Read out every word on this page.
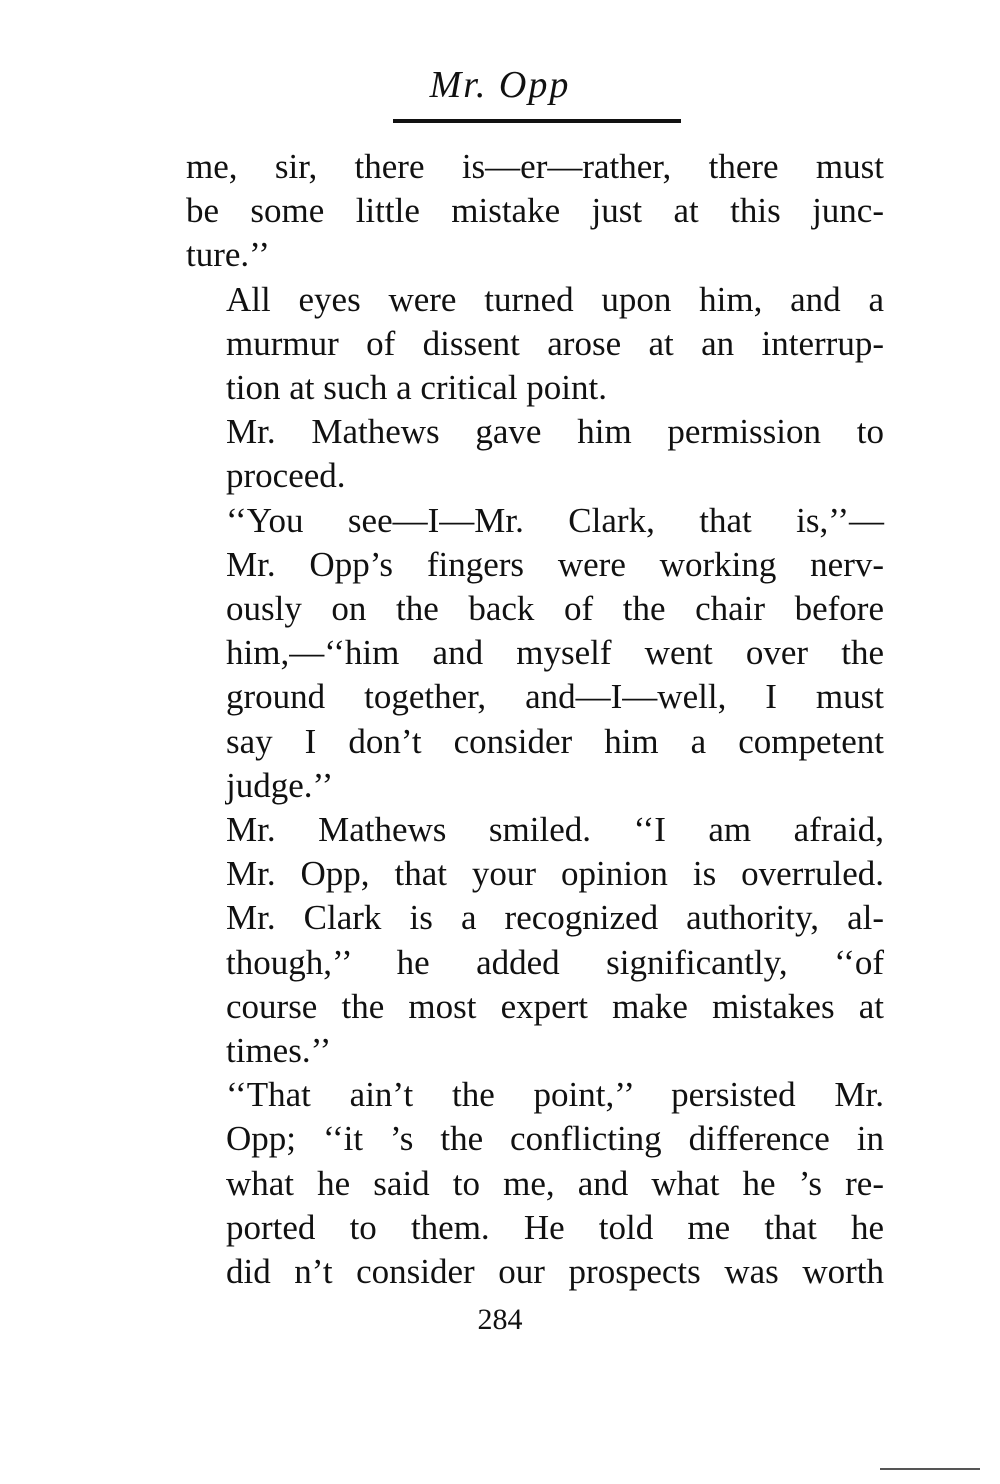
Mr. Opp
me, sir, there is—er—rather, there must
be some little mistake just at this junc-
ture.’’
All eyes were turned upon him, and a
murmur of dissent arose at an interrup-
tion at such a critical point.
Mr. Mathews gave him permission to
proceed.
‘‘You see—I—Mr. Clark, that is,’’—
Mr. Opp’s fingers were working nerv-
ously on the back of the chair before
him,—‘‘him and myself went over the
ground together, and—I—well, I must
say I don’t consider him a competent
judge.’’
Mr. Mathews smiled. ‘‘I am afraid,
Mr. Opp, that your opinion is overruled.
Mr. Clark is a recognized authority, al-
though,’’ he added significantly, ‘‘of
course the most expert make mistakes at
times.’’
‘‘That ain’t the point,’’ persisted Mr.
Opp; ‘‘it ’s the conflicting difference in
what he said to me, and what he ’s re-
ported to them. He told me that he
did n’t consider our prospects was worth
284
